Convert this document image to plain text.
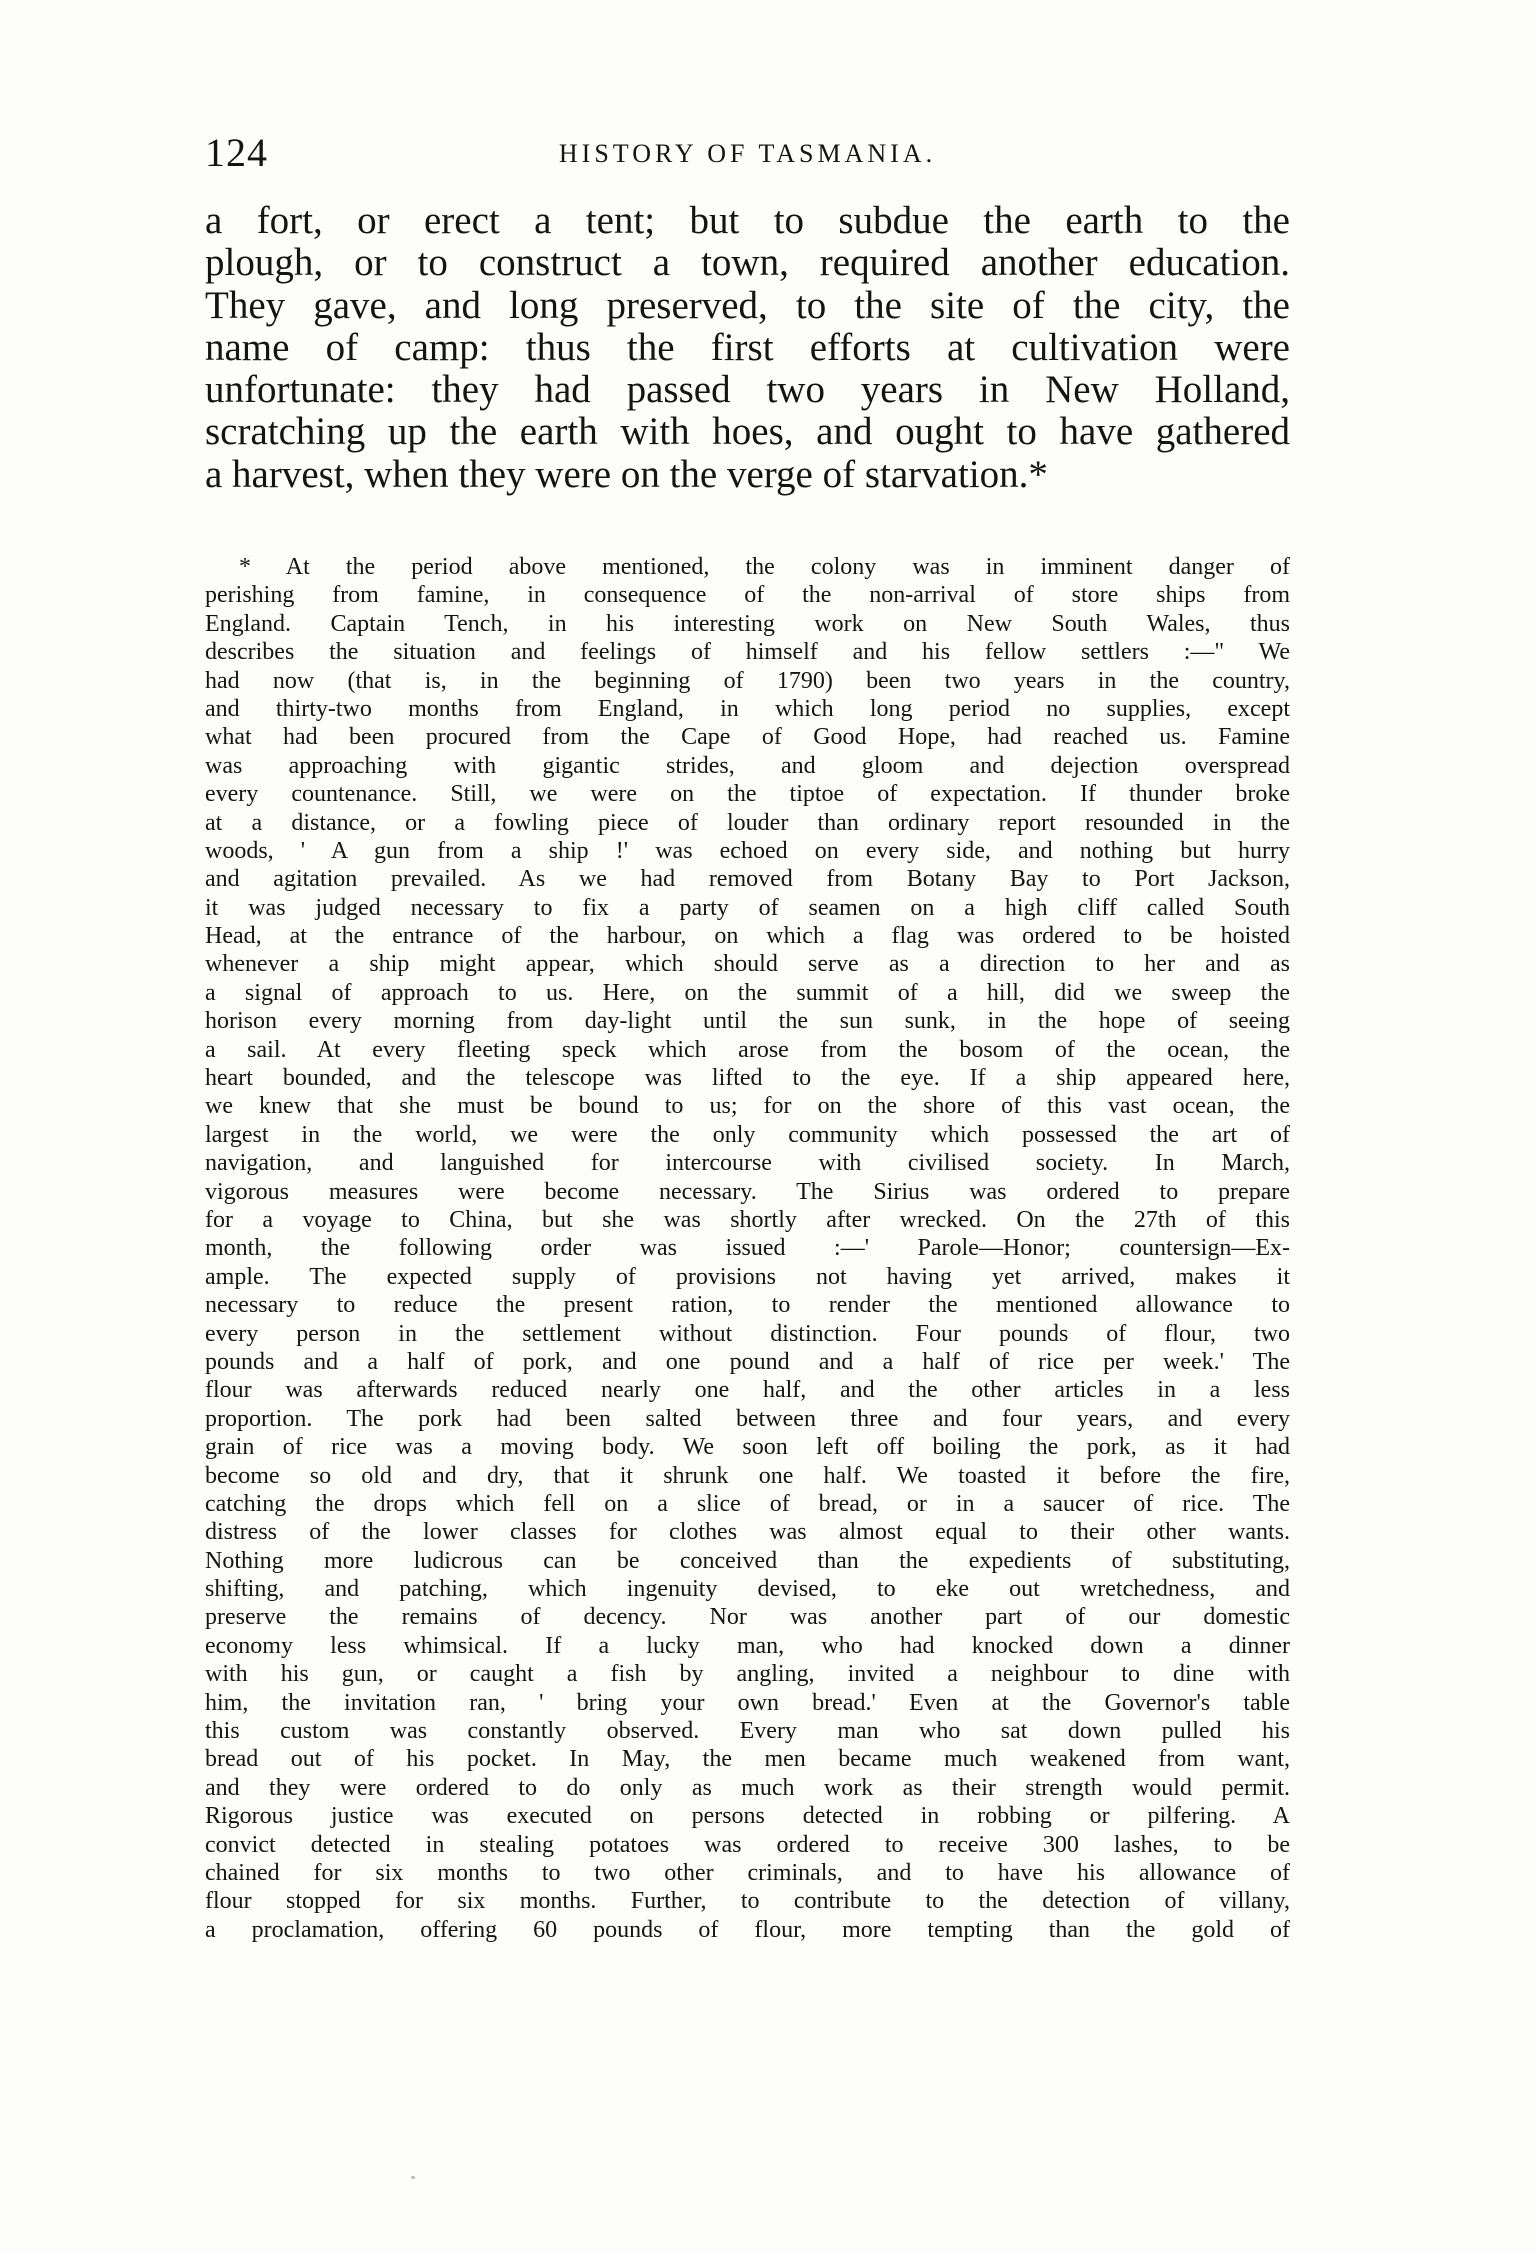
124	HISTORY OF TASMANIA.
a fort, or erect a tent; but to subdue the earth to the
plough, or to construct a town, required another education.
They gave, and long preserved, to the site of the city, the
name of camp: thus the first efforts at cultivation were
unfortunate: they had passed two years in New Holland,
scratching up the earth with hoes, and ought to have gathered
a harvest, when they were on the verge of starvation.*
* At the period above mentioned, the colony was in imminent danger of
perishing from famine, in consequence of the non-arrival of store ships from
England. Captain Tench, in his interesting work on New South Wales, thus
describes the situation and feelings of himself and his fellow settlers :—" We
had now (that is, in the beginning of 1790) been two years in the country,
and thirty-two months from England, in which long period no supplies, except
what had been procured from the Cape of Good Hope, had reached us. Famine
was approaching with gigantic strides, and gloom and dejection overspread
every countenance. Still, we were on the tiptoe of expectation. If thunder broke
at a distance, or a fowling piece of louder than ordinary report resounded in the
woods, ' A gun from a ship !' was echoed on every side, and nothing but hurry
and agitation prevailed. As we had removed from Botany Bay to Port Jackson,
it was judged necessary to fix a party of seamen on a high cliff called South
Head, at the entrance of the harbour, on which a flag was ordered to be hoisted
whenever a ship might appear, which should serve as a direction to her and as
a signal of approach to us. Here, on the summit of a hill, did we sweep the
horison every morning from day-light until the sun sunk, in the hope of seeing
a sail. At every fleeting speck which arose from the bosom of the ocean, the
heart bounded, and the telescope was lifted to the eye. If a ship appeared here,
we knew that she must be bound to us; for on the shore of this vast ocean, the
largest in the world, we were the only community which possessed the art of
navigation, and languished for intercourse with civilised society. In March,
vigorous measures were become necessary. The Sirius was ordered to prepare
for a voyage to China, but she was shortly after wrecked. On the 27th of this
month, the following order was issued :—' Parole—Honor; countersign—Ex-
ample. The expected supply of provisions not having yet arrived, makes it
necessary to reduce the present ration, to render the mentioned allowance to
every person in the settlement without distinction. Four pounds of flour, two
pounds and a half of pork, and one pound and a half of rice per week.' The
flour was afterwards reduced nearly one half, and the other articles in a less
proportion. The pork had been salted between three and four years, and every
grain of rice was a moving body. We soon left off boiling the pork, as it had
become so old and dry, that it shrunk one half. We toasted it before the fire,
catching the drops which fell on a slice of bread, or in a saucer of rice. The
distress of the lower classes for clothes was almost equal to their other wants.
Nothing more ludicrous can be conceived than the expedients of substituting,
shifting, and patching, which ingenuity devised, to eke out wretchedness, and
preserve the remains of decency. Nor was another part of our domestic
economy less whimsical. If a lucky man, who had knocked down a dinner
with his gun, or caught a fish by angling, invited a neighbour to dine with
him, the invitation ran, ' bring your own bread.' Even at the Governor's table
this custom was constantly observed. Every man who sat down pulled his
bread out of his pocket. In May, the men became much weakened from want,
and they were ordered to do only as much work as their strength would permit.
Rigorous justice was executed on persons detected in robbing or pilfering. A
convict detected in stealing potatoes was ordered to receive 300 lashes, to be
chained for six months to two other criminals, and to have his allowance of
flour stopped for six months. Further, to contribute to the detection of villany,
a proclamation, offering 60 pounds of flour, more tempting than the gold of
